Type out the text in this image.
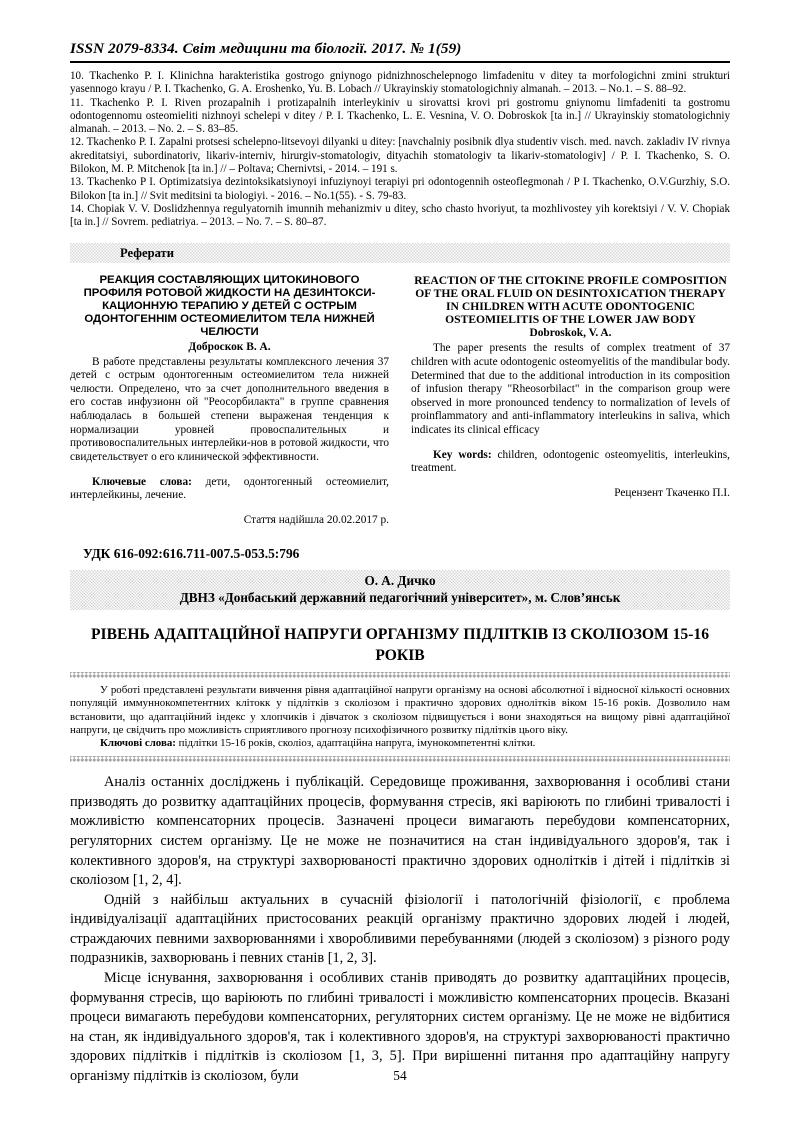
ISSN 2079-8334. Світ медицини та біології. 2017. № 1(59)

10. Tkachenko P. I. Klinichna harakteristika gostrogo gniynogo pidnizhnoschelepnogo limfadenitu v ditey ta morfologichni zmini strukturi yasennogo krayu / P. I. Tkachenko, G. A. Eroshenko, Yu. B. Lobach // Ukrayinskiy stomatologichniy almanah. – 2013. – No.1. – S. 88–92.

11. Tkachenko P. I. Riven prozapalnih i protizapalnih interleykiniv u sirovattsi krovi pri gostromu gniynomu limfadeniti ta gostromu odontogennomu osteomieliti nizhnoyi schelepi v ditey / P. I. Tkachenko, L. E. Vesnina, V. O. Dobroskok [ta in.] // Ukrayinskiy stomatologichniy almanah. – 2013. – No. 2. – S. 83–85.

12. Tkachenko P. I. Zapalni protsesi schelepno-litsevoyi dilyanki u ditey: [navchalniy posibnik dlya studentiv visch. med. navch. zakladiv IV rivnya akreditatsiyi, subordinatoriv, likariv-interniv, hirurgiv-stomatologiv, dityachih stomatologiv ta likariv-stomatologiv] / P. I. Tkachenko, S. O. Bilokon, M. P. Mitchenok [ta in.] // – Poltava; Chernivtsi, - 2014. – 191 s.

13. Tkachenko P I. Optimizatsiya dezintoksikatsiynoyi infuziynoyi terapiyi pri odontogennih osteoflegmonah / P I. Tkachenko, O.V.Gurzhiy, S.O. Bilokon [ta in.] // Svit meditsini ta biologiyi. - 2016. – No.1(55). - S. 79-83.

14. Chopiak V. V. Doslidzhennya regulyatornih imunnih mehanizmiv u ditey, scho chasto hvoriyut, ta mozhlivostey yih korektsiyi / V. V. Chopiak [ta in.] // Sovrem. pediatriya. – 2013. – No. 7. – S. 80–87.

Реферати
РЕАКЦИЯ СОСТАВЛЯЮЩИХ ЦИТОКИНОВОГО ПРОФИЛЯ РОТОВОЙ ЖИДКОСТИ НА ДЕЗИНТОКСИ-КАЦИОННУЮ ТЕРАПИЮ У ДЕТЕЙ С ОСТРЫМ ОДОНТОГЕННIМ ОСТЕОМИЕЛИТОМ ТЕЛА НИЖНЕЙ ЧЕЛЮСТИ
Доброскок В. А.

В работе представлены результаты комплексного лечения 37 детей с острым одонтогенным остеомиелитом тела нижней челюсти. Определено, что за счет дополнительного введения в его состав инфузионн ой "Реосорбилакта" в группе сравнения наблюдалась в большей степени выраженая тенденция к нормализации уровней провоспалительных и противовоспалительных интерлейки-нов в ротовой жидкости, что свидетельствует о его клинической эффективности.

Ключевые слова: дети, одонтогенный остеомиелит, интерлейкины, лечение.

Стаття надійшла 20.02.2017 р.
REACTION OF THE CITOKINE PROFILE COMPOSITION OF THE ORAL FLUID ON DESINTOXICATION THERAPY IN CHILDREN WITH ACUTE ODONTOGENIC OSTEOMIELITIS OF THE LOWER JAW BODY
Dobroskok, V. A.

The paper presents the results of complex treatment of 37 children with acute odontogenic osteomyelitis of the mandibular body. Determined that due to the additional introduction in its composition of infusion therapy "Rheosorbilact" in the comparison group were observed in more pronounced tendency to normalization of levels of proinflammatory and anti-inflammatory interleukins in saliva, which indicates its clinical efficacy

Key words: children, odontogenic osteomyelitis, interleukins, treatment.

Рецензент Ткаченко П.І.
УДК 616-092:616.711-007.5-053.5:796
О. А. Дичко
ДВНЗ «Донбаський державний педагогічний університет», м. Слов’янськ
РІВЕНЬ АДАПТАЦІЙНОЇ НАПРУГИ ОРГАНІЗМУ ПІДЛІТКІВ ІЗ СКОЛІОЗОМ 15-16 РОКІВ

У роботі представлені результати вивчення рівня адаптаційної напруги організму на основі абсолютної і відносної кількості основних популяцій иммуннокомпетентних клітокк у підлітків з сколіозом і практично здорових однолітків віком 15-16 років. Дозволило нам встановити, що адаптаційний індекс у хлопчиків і дівчаток з сколіозом підвищується і вони знаходяться на вищому рівні адаптаційної напруги, це свідчить про можливість сприятливого прогнозу психофізичного розвитку підлітків цього віку.

Ключові слова: підлітки 15-16 років, сколіоз, адаптаційна напруга, імунокомпетентні клітки.

Аналіз останніх досліджень і публікацій. Середовище проживання, захворювання і особливі стани призводять до розвитку адаптаційних процесів, формування стресів, які варіюють по глибині тривалості і можливістю компенсаторних процесів. Зазначені процеси вимагають перебудови компенсаторних, регуляторних систем організму. Це не може не позначитися на стан індивідуального здоров'я, так і колективного здоров'я, на структурі захворюваності практично здорових однолітків і дітей і підлітків зі сколіозом [1, 2, 4].

Одній з найбільш актуальних в сучасній фізіології і патологічній фізіології, є проблема індивідуалізації адаптаційних пристосованих реакцій організму практично здорових людей і людей, страждаючих певними захворюваннями і хворобливими перебуваннями (людей з сколіозом) з різного роду подразників, захворювань і певних станів [1, 2, 3].

Місце існування, захворювання і особливих станів приводять до розвитку адаптаційних процесів, формування стресів, що варіюють по глибині тривалості і можливістю компенсаторних процесів. Вказані процеси вимагають перебудови компенсаторних, регуляторних систем організму. Це не може не відбитися на стан, як індивідуального здоров'я, так і колективного здоров'я, на структурі захворюваності практично здорових підлітків і підлітків із сколіозом [1, 3, 5]. При вирішенні питання про адаптаційну напругу організму підлітків із сколіозом, були	54
